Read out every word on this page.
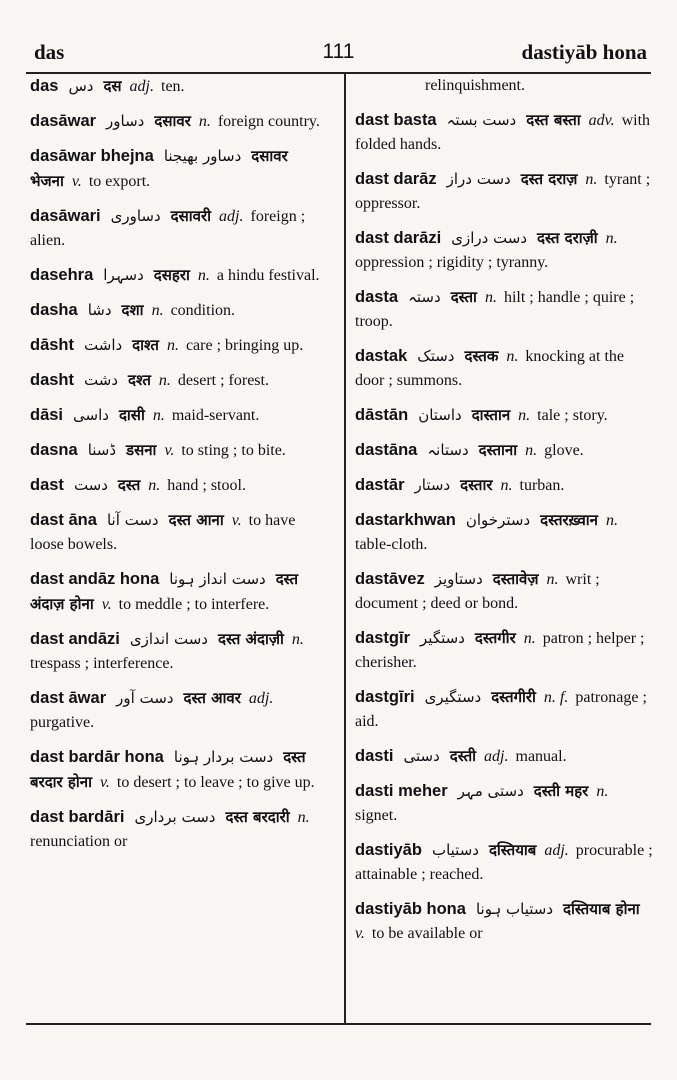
das	111	dastiyāb hona
das دس दस adj. ten.
dasāwar دساور दसावर n. foreign country.
dasāwar bhejna دساور بھیجنا दसावर भेजना v. to export.
dasāwari دساوری दसावरी adj. foreign ; alien.
dasehra دسہرا दसहरा n. a hindu festival.
dasha دشا दशा n. condition.
dāsht داشت दाश्त n. care ; bringing up.
dasht دشت दश्त n. desert ; forest.
dāsi داسی दासी n. maid-servant.
dasna ڈسنا डसना v. to sting ; to bite.
dast دست दस्त n. hand ; stool.
dast āna دست آنا दस्त आना v. to have loose bowels.
dast andāz hona دست انداز ہونا दस्त अंदाज़ होना v. to meddle ; to interfere.
dast andāzi دست اندازی दस्त अंदाज़ी n. trespass ; interference.
dast āwar دست آور दस्त आवर adj. purgative.
dast bardār hona دست بردار ہونا दस्त बरदार होना v. to desert ; to leave ; to give up.
dast bardāri دست برداری दस्त बरदारी n. renunciation or
relinquishment.
dast basta دست بستہ दस्त बस्ता adv. with folded hands.
dast darāz دست دراز दस्त दराज़ n. tyrant ; oppressor.
dast darāzi دست درازی दस्त दराज़ी n. oppression ; rigidity ; tyranny.
dasta دستہ दस्ता n. hilt ; handle ; quire ; troop.
dastak دستک दस्तक n. knocking at the door ; summons.
dāstān داستان दास्तान n. tale ; story.
dastāna دستانہ दस्ताना n. glove.
dastār دستار दस्तार n. turban.
dastarkhwan دسترخوان दस्तरख़्वान n. table-cloth.
dastāvez دستاویز दस्तावेज़ n. writ ; document ; deed or bond.
dastgīr دستگیر दस्तगीर n. patron ; helper ; cherisher.
dastgīri دستگیری दस्तगीरी n. f. patronage ; aid.
dasti دستی दस्ती adj. manual.
dasti meher دستی مہر दस्ती महर n. signet.
dastiyāb دستیاب दस्तियाब adj. procurable ; attainable ; reached.
dastiyāb hona دستیاب ہونا दस्तियाब होना v. to be available or
